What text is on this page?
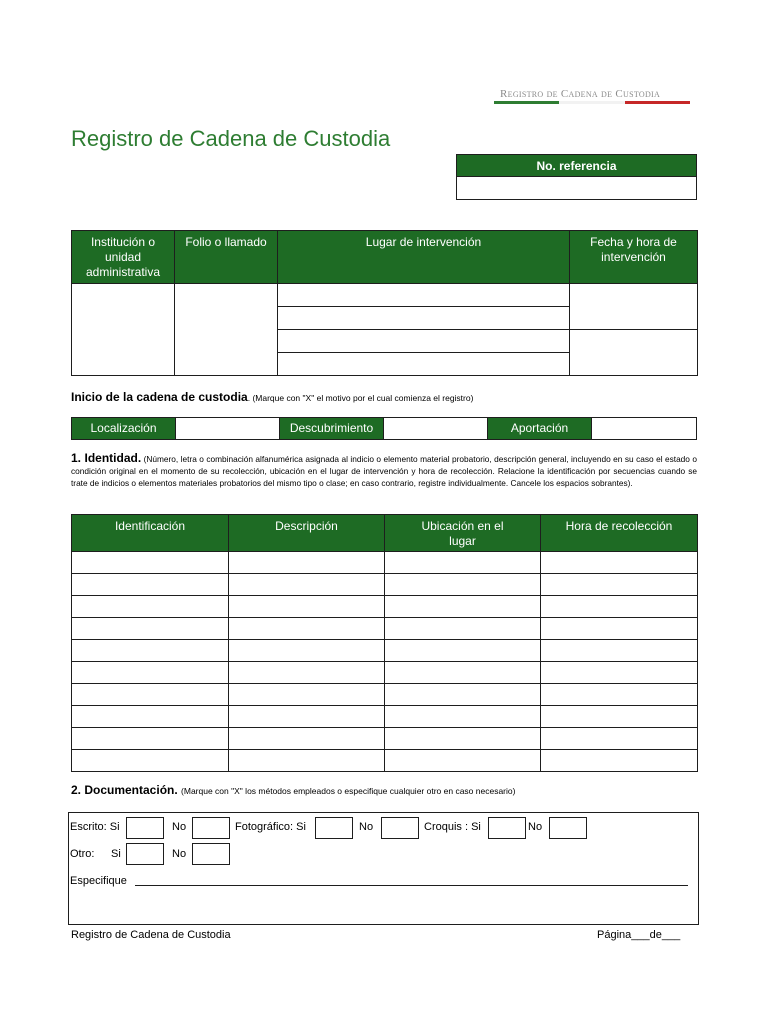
Registro de Cadena de Custodia
Registro de Cadena de Custodia
No. referencia
Institución o unidad administrativa	Folio o llamado	Lugar de intervención	Fecha y hora de intervención

Inicio de la cadena de custodia. (Marque con "X" el motivo por el cual comienza el registro)
Localización	Descubrimiento	Aportación
1. Identidad. (Número, letra o combinación alfanumérica asignada al indicio o elemento material probatorio, descripción general, incluyendo en su caso el estado o condición original en el momento de su recolección, ubicación en el lugar de intervención y hora de recolección. Relacione la identificación por secuencias cuando se trate de indicios o elementos materiales probatorios del mismo tipo o clase; en caso contrario, registre individualmente. Cancele los espacios sobrantes).
Identificación	Descripción	Ubicación en el lugar	Hora de recolección

2. Documentación. (Marque con "X" los métodos empleados o especifique cualquier otro en caso necesario)
Escrito: Si	No	Fotográfico: Si	No	Croquis : Si	No
Otro: Si	No
Especifique
Registro de Cadena de Custodia	Página___de___
